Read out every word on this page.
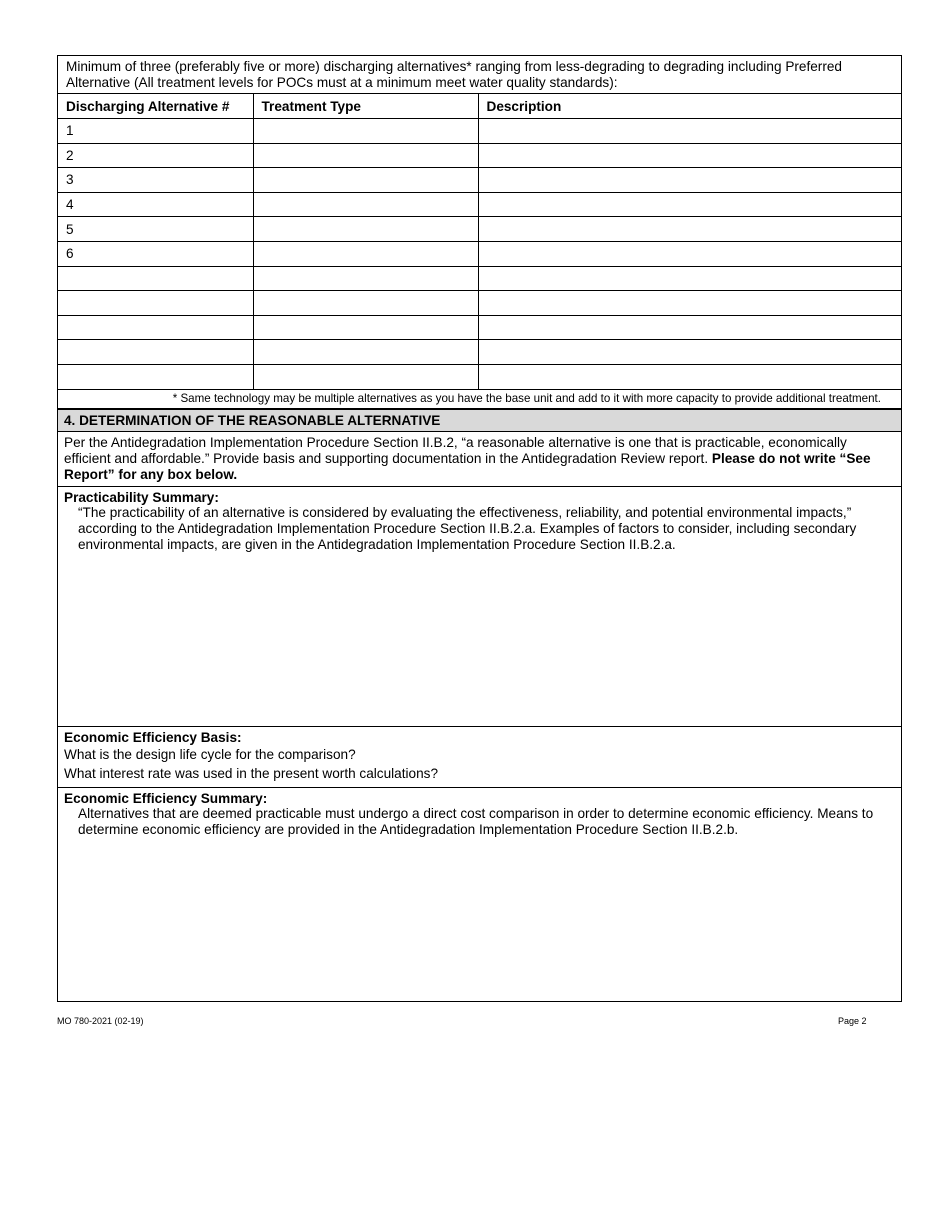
Minimum of three (preferably five or more) discharging alternatives* ranging from less-degrading to degrading including Preferred Alternative (All treatment levels for POCs must at a minimum meet water quality standards):
Discharging Alternative #	Treatment Type	Description
1		
2		
3		
4		
5		
6		

* Same technology may be multiple alternatives as you have the base unit and add to it with more capacity to provide additional treatment.
4. DETERMINATION OF THE REASONABLE ALTERNATIVE
Per the Antidegradation Implementation Procedure Section II.B.2, “a reasonable alternative is one that is practicable, economically efficient and affordable.” Provide basis and supporting documentation in the Antidegradation Review report. Please do not write “See Report” for any box below.
Practicability Summary:
“The practicability of an alternative is considered by evaluating the effectiveness, reliability, and potential environmental impacts,” according to the Antidegradation Implementation Procedure Section II.B.2.a. Examples of factors to consider, including secondary environmental impacts, are given in the Antidegradation Implementation Procedure Section II.B.2.a.
Economic Efficiency Basis:
What is the design life cycle for the comparison?
What interest rate was used in the present worth calculations?
Economic Efficiency Summary:
Alternatives that are deemed practicable must undergo a direct cost comparison in order to determine economic efficiency. Means to determine economic efficiency are provided in the Antidegradation Implementation Procedure Section II.B.2.b.
MO 780-2021 (02-19)	Page 2
